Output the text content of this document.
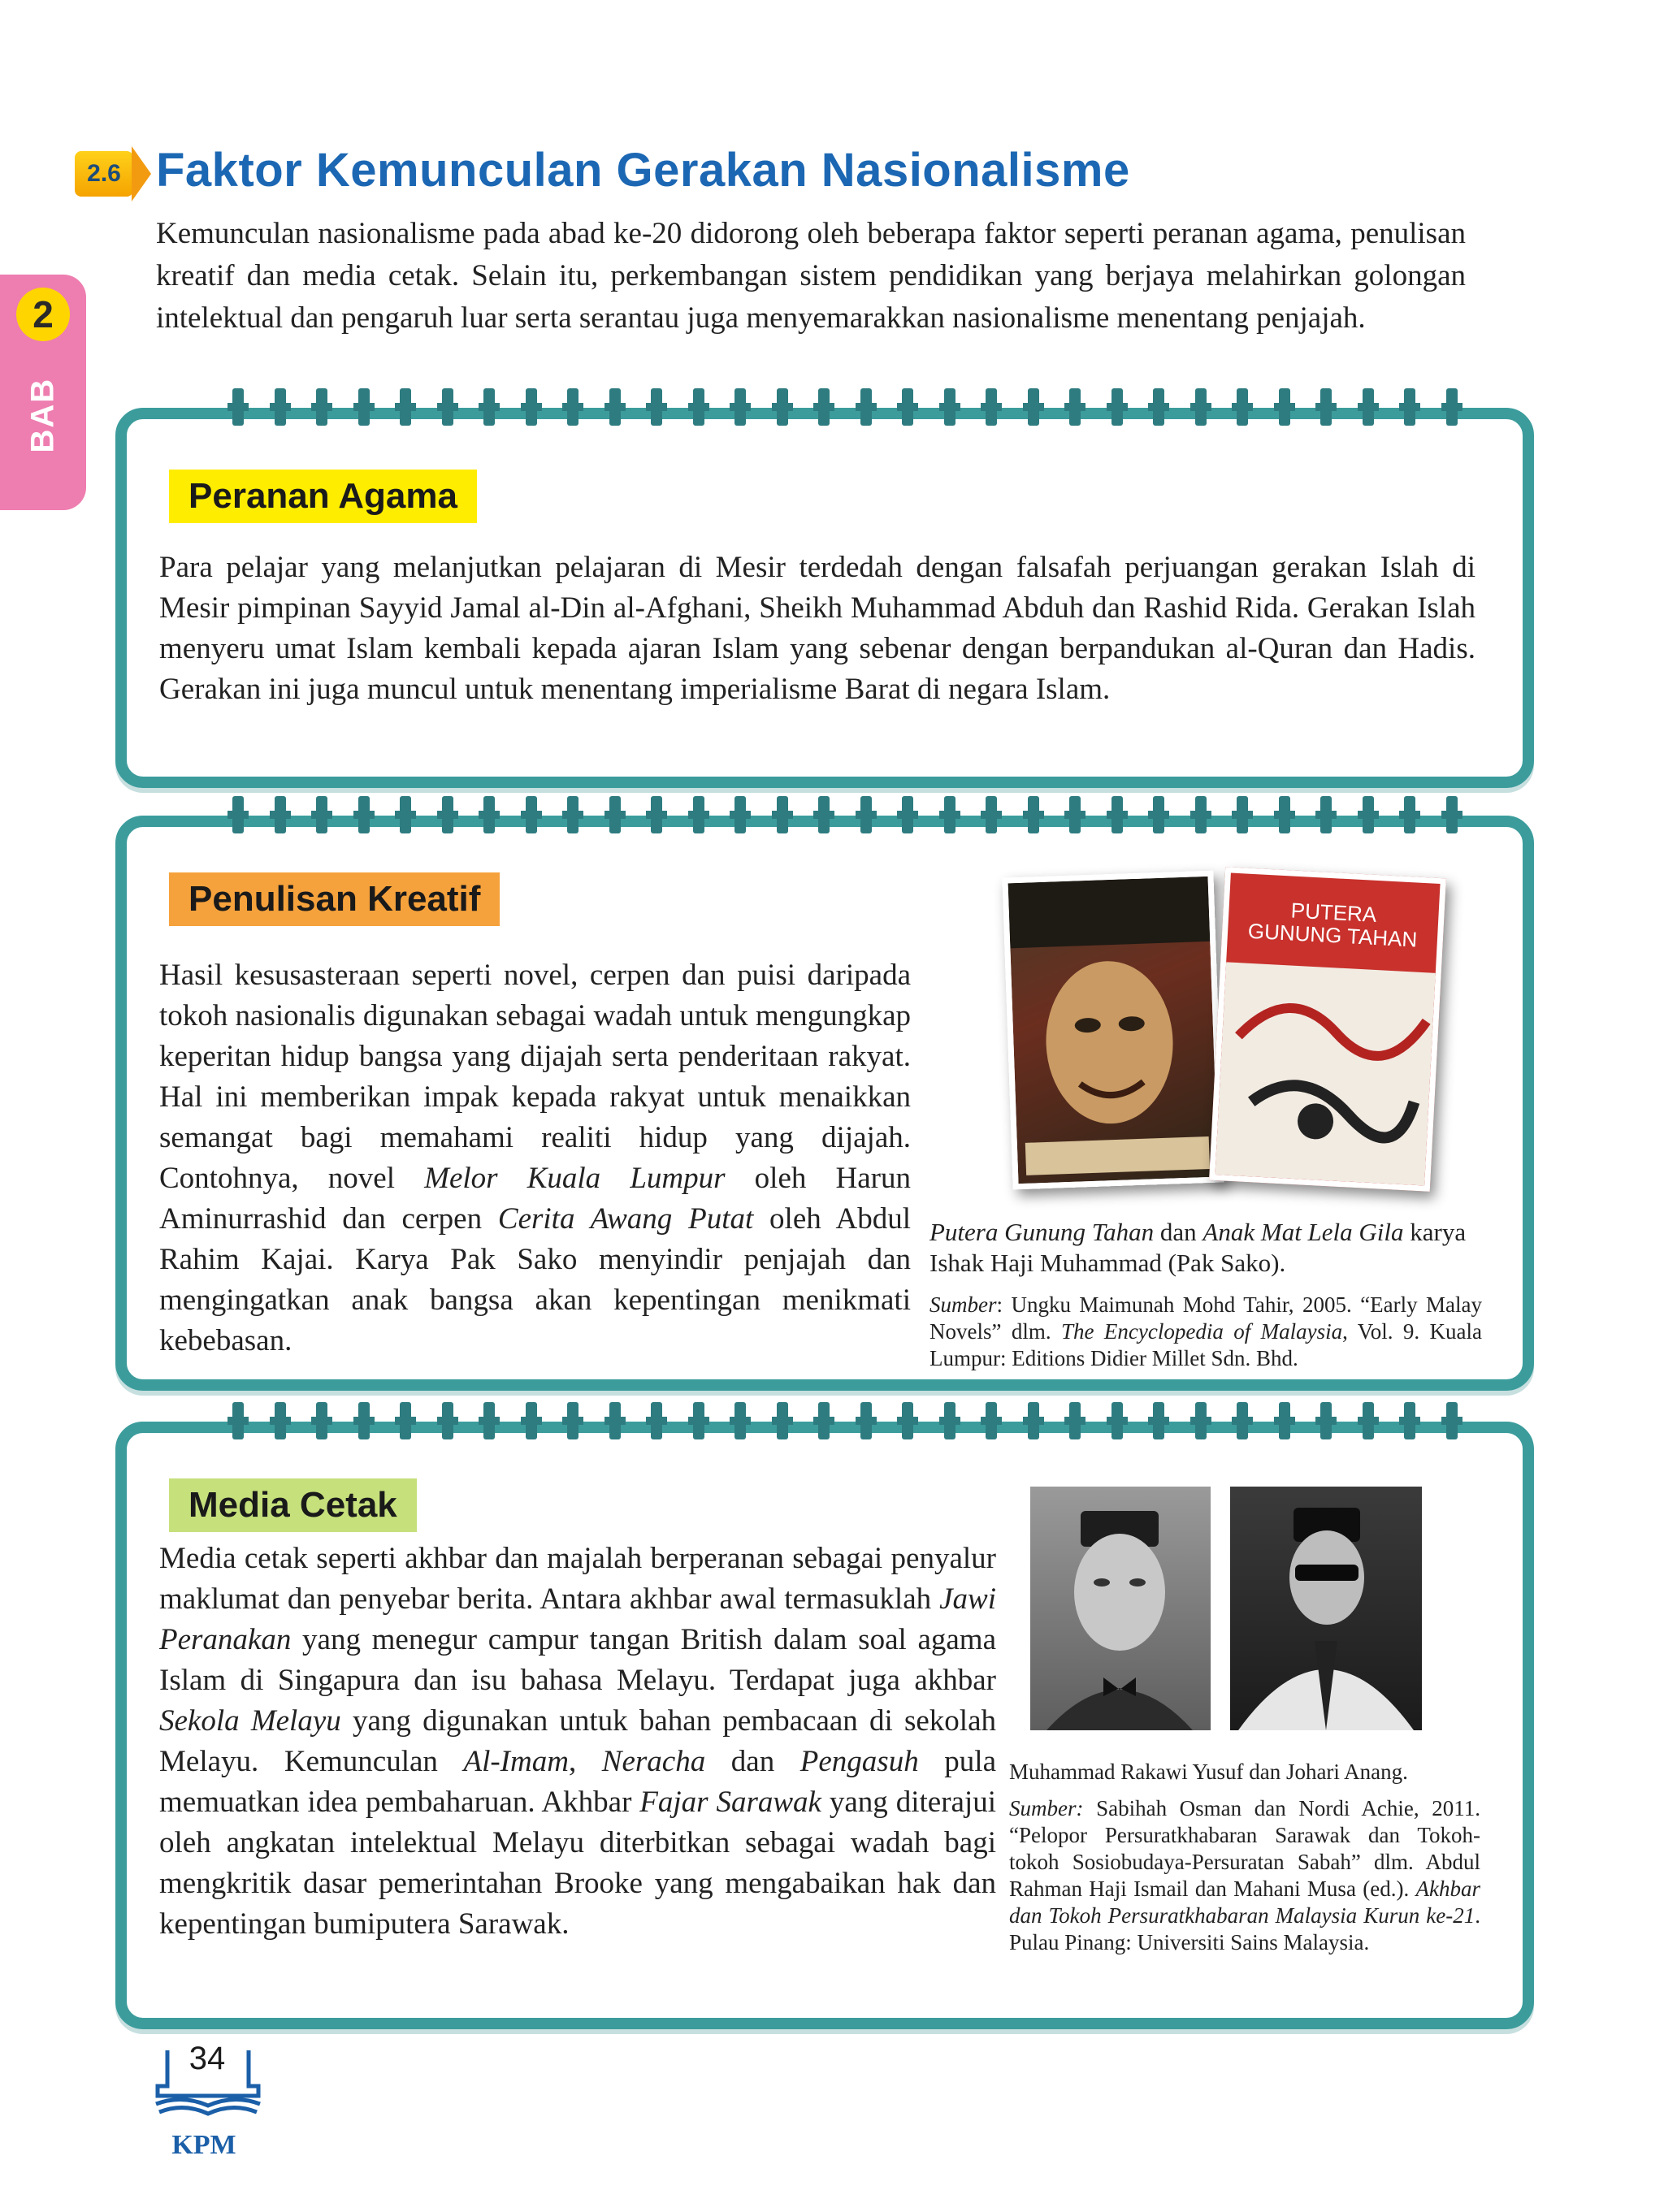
2.6 Faktor Kemunculan Gerakan Nasionalisme
Kemunculan nasionalisme pada abad ke-20 didorong oleh beberapa faktor seperti peranan agama, penulisan kreatif dan media cetak. Selain itu, perkembangan sistem pendidikan yang berjaya melahirkan golongan intelektual dan pengaruh luar serta serantau juga menyemarakkan nasionalisme menentang penjajah.
2
BAB
Peranan Agama
Para pelajar yang melanjutkan pelajaran di Mesir terdedah dengan falsafah perjuangan gerakan Islah di Mesir pimpinan Sayyid Jamal al-Din al-Afghani, Sheikh Muhammad Abduh dan Rashid Rida. Gerakan Islah menyeru umat Islam kembali kepada ajaran Islam yang sebenar dengan berpandukan al-Quran dan Hadis. Gerakan ini juga muncul untuk menentang imperialisme Barat di negara Islam.
Penulisan Kreatif
Hasil kesusasteraan seperti novel, cerpen dan puisi daripada tokoh nasionalis digunakan sebagai wadah untuk mengungkap keperitan hidup bangsa yang dijajah serta penderitaan rakyat. Hal ini memberikan impak kepada rakyat untuk menaikkan semangat bagi memahami realiti hidup yang dijajah. Contohnya, novel Melor Kuala Lumpur oleh Harun Aminurrashid dan cerpen Cerita Awang Putat oleh Abdul Rahim Kajai. Karya Pak Sako menyindir penjajah dan mengingatkan anak bangsa akan kepentingan menikmati kebebasan.
PUTERA GUNUNG TAHAN
Putera Gunung Tahan dan Anak Mat Lela Gila karya Ishak Haji Muhammad (Pak Sako).
Sumber: Ungku Maimunah Mohd Tahir, 2005. “Early Malay Novels” dlm. The Encyclopedia of Malaysia, Vol. 9. Kuala Lumpur: Editions Didier Millet Sdn. Bhd.
Media Cetak
Media cetak seperti akhbar dan majalah berperanan sebagai penyalur maklumat dan penyebar berita. Antara akhbar awal termasuklah Jawi Peranakan yang menegur campur tangan British dalam soal agama Islam di Singapura dan isu bahasa Melayu. Terdapat juga akhbar Sekola Melayu yang digunakan untuk bahan pembacaan di sekolah Melayu. Kemunculan Al-Imam, Neracha dan Pengasuh pula memuatkan idea pembaharuan. Akhbar Fajar Sarawak yang diterajui oleh angkatan intelektual Melayu diterbitkan sebagai wadah bagi mengkritik dasar pemerintahan Brooke yang mengabaikan hak dan kepentingan bumiputera Sarawak.
Muhammad Rakawi Yusuf dan Johari Anang.
Sumber: Sabihah Osman dan Nordi Achie, 2011. “Pelopor Persuratkhabaran Sarawak dan Tokoh-tokoh Sosiobudaya-Persuratan Sabah” dlm. Abdul Rahman Haji Ismail dan Mahani Musa (ed.). Akhbar dan Tokoh Persuratkhabaran Malaysia Kurun ke-21. Pulau Pinang: Universiti Sains Malaysia.
34
KPM
